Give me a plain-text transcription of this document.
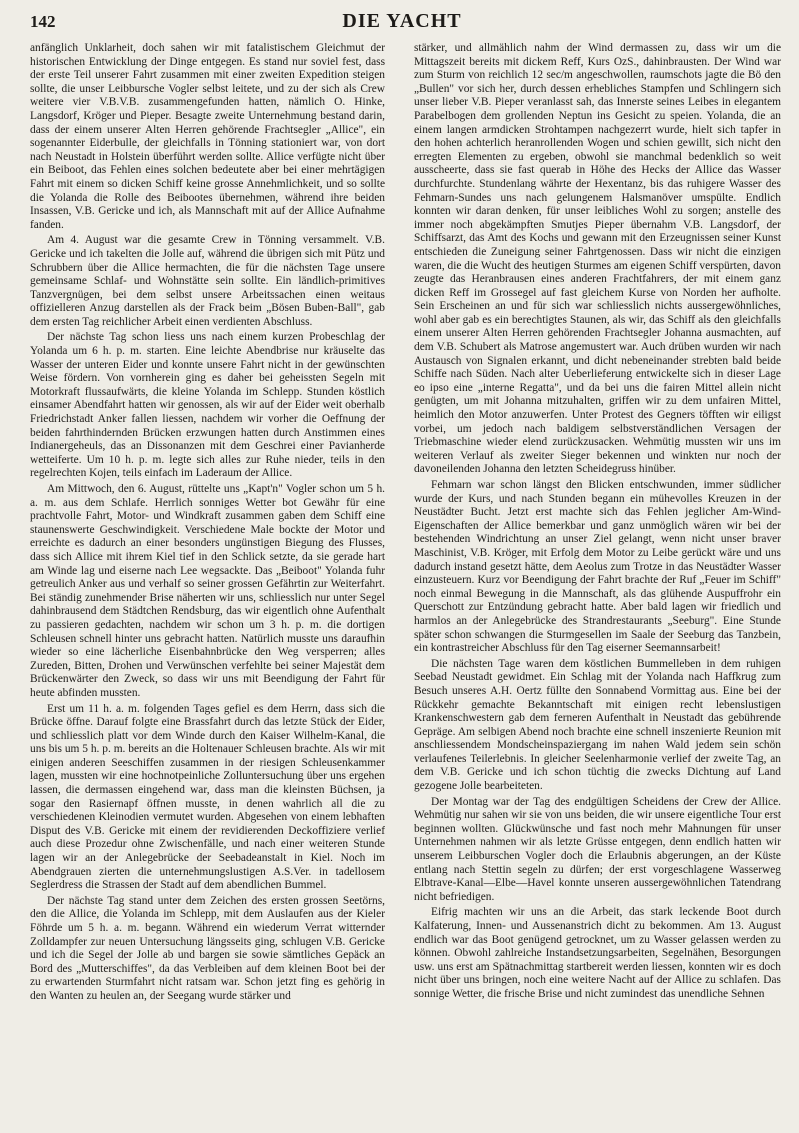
142	DIE YACHT

anfänglich Unklarheit, doch sahen wir mit fatalistischem Gleichmut der historischen Entwicklung der Dinge entgegen. Es stand nur soviel fest, dass der erste Teil unserer Fahrt zusammen mit einer zweiten Expedition steigen sollte, die unser Leibbursche Vogler selbst leitete, und zu der sich als Crew weitere vier V.B.V.B. zusammengefunden hatten, nämlich O. Hinke, Langsdorf, Kröger und Pieper. Besagte zweite Unternehmung bestand darin, dass der einem unserer Alten Herren gehörende Frachtsegler „Allice", ein sogenannter Eiderbulle, der gleichfalls in Tönning stationiert war, von dort nach Neustadt in Holstein überführt werden sollte. Allice verfügte nicht über ein Beiboot, das Fehlen eines solchen bedeutete aber bei einer mehrtägigen Fahrt mit einem so dicken Schiff keine grosse Annehmlichkeit, und so sollte die Yolanda die Rolle des Beibootes übernehmen, während ihre beiden Insassen, V.B. Gericke und ich, als Mannschaft mit auf der Allice Aufnahme fanden.

Am 4. August war die gesamte Crew in Tönning versammelt. V.B. Gericke und ich takelten die Jolle auf, während die übrigen sich mit Pütz und Schrubbern über die Allice hermachten, die für die nächsten Tage unsere gemeinsame Schlaf- und Wohnstätte sein sollte. Ein ländlich-primitives Tanzvergnügen, bei dem selbst unsere Arbeitssachen einen weitaus offizielleren Anzug darstellen als der Frack beim „Bösen Buben-Ball", gab dem ersten Tag reichlicher Arbeit einen verdienten Abschluss.

Der nächste Tag schon liess uns nach einem kurzen Probeschlag der Yolanda um 6 h. p. m. starten. Eine leichte Abendbrise nur kräuselte das Wasser der unteren Eider und konnte unsere Fahrt nicht in der gewünschten Weise fördern. Von vornherein ging es daher bei geheissten Segeln mit Motorkraft flussaufwärts, die kleine Yolanda im Schlepp. Stunden köstlich einsamer Abendfahrt hatten wir genossen, als wir auf der Eider weit oberhalb Friedrichstadt Anker fallen liessen, nachdem wir vorher die Oeffnung der beiden fahrthindernden Brücken erzwungen hatten durch Anstimmen eines Indianergeheuls, das an Dissonanzen mit dem Geschrei einer Pavianherde wetteiferte. Um 10 h. p. m. legte sich alles zur Ruhe nieder, teils in den regelrechten Kojen, teils einfach im Laderaum der Allice.

Am Mittwoch, den 6. August, rüttelte uns „Kapt'n" Vogler schon um 5 h. a. m. aus dem Schlafe. Herrlich sonniges Wetter bot Gewähr für eine prachtvolle Fahrt, Motor- und Windkraft zusammen gaben dem Schiff eine staunenswerte Geschwindigkeit. Verschiedene Male bockte der Motor und erreichte es dadurch an einer besonders ungünstigen Biegung des Flusses, dass sich Allice mit ihrem Kiel tief in den Schlick setzte, da sie gerade hart am Winde lag und eiserne nach Lee wegsackte. Das „Beiboot" Yolanda fuhr getreulich Anker aus und verhalf so seiner grossen Gefährtin zur Weiterfahrt. Bei ständig zunehmender Brise näherten wir uns, schliesslich nur unter Segel dahinbrausend dem Städtchen Rendsburg, das wir eigentlich ohne Aufenthalt zu passieren gedachten, nachdem wir schon um 3 h. p. m. die dortigen Schleusen schnell hinter uns gebracht hatten. Natürlich musste uns daraufhin wieder so eine lächerliche Eisenbahnbrücke den Weg versperren; alles Zureden, Bitten, Drohen und Verwünschen verfehlte bei seiner Majestät dem Brückenwärter den Zweck, so dass wir uns mit Beendigung der Fahrt für heute abfinden mussten.

Erst um 11 h. a. m. folgenden Tages gefiel es dem Herrn, dass sich die Brücke öffne. Darauf folgte eine Brassfahrt durch das letzte Stück der Eider, und schliesslich platt vor dem Winde durch den Kaiser Wilhelm-Kanal, die uns bis um 5 h. p. m. bereits an die Holtenauer Schleusen brachte. Als wir mit einigen anderen Seeschiffen zusammen in der riesigen Schleusenkammer lagen, mussten wir eine hochnotpeinliche Zolluntersuchung über uns ergehen lassen, die dermassen eingehend war, dass man die kleinsten Büchsen, ja sogar den Rasiernapf öffnen musste, in denen wahrlich all die zu verschiedenen Kleinodien vermutet wurden. Abgesehen von einem lebhaften Disput des V.B. Gericke mit einem der revidierenden Deckoffiziere verlief auch diese Prozedur ohne Zwischenfälle, und nach einer weiteren Stunde lagen wir an der Anlegebrücke der Seebadeanstalt in Kiel. Noch im Abendgrauen zierten die unternehmungslustigen A.S.Ver. in tadellosem Seglerdress die Strassen der Stadt auf dem abendlichen Bummel.

Der nächste Tag stand unter dem Zeichen des ersten grossen Seetörns, den die Allice, die Yolanda im Schlepp, mit dem Auslaufen aus der Kieler Föhrde um 5 h. a. m. begann. Während ein wiederum Verrat witternder Zolldampfer zur neuen Untersuchung längsseits ging, schlugen V.B. Gericke und ich die Segel der Jolle ab und bargen sie sowie sämtliches Gepäck an Bord des „Mutterschiffes", da das Verbleiben auf dem kleinen Boot bei der zu erwartenden Sturmfahrt nicht ratsam war. Schon jetzt fing es gehörig in den Wanten zu heulen an, der Seegang wurde stärker und

stärker, und allmählich nahm der Wind dermassen zu, dass wir um die Mittagszeit bereits mit dickem Reff, Kurs OzS., dahinbrausten. Der Wind war zum Sturm von reichlich 12 sec/m angeschwollen, raumschots jagte die Bö den „Bullen" vor sich her, durch dessen erhebliches Stampfen und Schlingern sich unser lieber V.B. Pieper veranlasst sah, das Innerste seines Leibes in elegantem Parabelbogen dem grollenden Neptun ins Gesicht zu speien. Yolanda, die an einem langen armdicken Strohtampen nachgezerrt wurde, hielt sich tapfer in den hohen achterlich heranrollenden Wogen und schien gewillt, sich nicht den erregten Elementen zu ergeben, obwohl sie manchmal bedenklich so weit ausscheerte, dass sie fast querab in Höhe des Hecks der Allice das Wasser durchfurchte. Stundenlang währte der Hexentanz, bis das ruhigere Wasser des Fehmarn-Sundes uns nach gelungenem Halsmanöver umspülte. Endlich konnten wir daran denken, für unser leibliches Wohl zu sorgen; anstelle des immer noch abgekämpften Smutjes Pieper übernahm V.B. Langsdorf, der Schiffsarzt, das Amt des Kochs und gewann mit den Erzeugnissen seiner Kunst entschieden die Zuneigung seiner Fahrtgenossen. Dass wir nicht die einzigen waren, die die Wucht des heutigen Sturmes am eigenen Schiff verspürten, davon zeugte das Heranbrausen eines anderen Frachtfahrers, der mit einem ganz dicken Reff im Grossegel auf fast gleichem Kurse von Norden her aufholte. Sein Erscheinen an und für sich war schliesslich nichts aussergewöhnliches, wohl aber gab es ein berechtigtes Staunen, als wir, das Schiff als den gleichfalls einem unserer Alten Herren gehörenden Frachtsegler Johanna ausmachten, auf dem V.B. Schubert als Matrose angemustert war. Auch drüben wurden wir nach Austausch von Signalen erkannt, und dicht nebeneinander strebten bald beide Schiffe nach Süden. Nach alter Ueberlieferung entwickelte sich in dieser Lage eo ipso eine „interne Regatta", und da bei uns die fairen Mittel allein nicht genügten, um mit Johanna mitzuhalten, griffen wir zu dem unfairen Mittel, heimlich den Motor anzuwerfen. Unter Protest des Gegners töfften wir eiligst vorbei, um jedoch nach baldigem selbstverständlichen Versagen der Triebmaschine wieder elend zurückzusacken. Wehmütig mussten wir uns im weiteren Verlauf als zweiter Sieger bekennen und winkten nur noch der davoneilenden Johanna den letzten Scheidegruss hinüber.

Fehmarn war schon längst den Blicken entschwunden, immer südlicher wurde der Kurs, und nach Stunden begann ein mühevolles Kreuzen in der Neustädter Bucht. Jetzt erst machte sich das Fehlen jeglicher Am-Wind-Eigenschaften der Allice bemerkbar und ganz unmöglich wären wir bei der bestehenden Windrichtung an unser Ziel gelangt, wenn nicht unser braver Maschinist, V.B. Kröger, mit Erfolg dem Motor zu Leibe gerückt wäre und uns dadurch instand gesetzt hätte, dem Aeolus zum Trotze in das Neustädter Wasser einzusteuern. Kurz vor Beendigung der Fahrt brachte der Ruf „Feuer im Schiff" noch einmal Bewegung in die Mannschaft, als das glühende Auspuffrohr ein Querschott zur Entzündung gebracht hatte. Aber bald lagen wir friedlich und harmlos an der Anlegebrücke des Strandrestaurants „Seeburg". Eine Stunde später schon schwangen die Sturmgesellen im Saale der Seeburg das Tanzbein, ein kontrastreicher Abschluss für den Tag eiserner Seemannsarbeit!

Die nächsten Tage waren dem köstlichen Bummelleben in dem ruhigen Seebad Neustadt gewidmet. Ein Schlag mit der Yolanda nach Haffkrug zum Besuch unseres A.H. Oertz füllte den Sonnabend Vormittag aus. Eine bei der Rückkehr gemachte Bekanntschaft mit einigen recht lebenslustigen Krankenschwestern gab dem ferneren Aufenthalt in Neustadt das gebührende Gepräge. Am selbigen Abend noch brachte eine schnell inszenierte Reunion mit anschliessendem Mondscheinspaziergang im nahen Wald jedem sein schön verlaufenes Teilerlebnis. In gleicher Seelenharmonie verlief der zweite Tag, an dem V.B. Gericke und ich schon tüchtig die zwecks Dichtung auf Land gezogene Jolle bearbeiteten.

Der Montag war der Tag des endgültigen Scheidens der Crew der Allice. Wehmütig nur sahen wir sie von uns beiden, die wir unsere eigentliche Tour erst beginnen wollten. Glückwünsche und fast noch mehr Mahnungen für unser Unternehmen nahmen wir als letzte Grüsse entgegen, denn endlich hatten wir unserem Leibburschen Vogler doch die Erlaubnis abgerungen, an der Küste entlang nach Stettin segeln zu dürfen; der erst vorgeschlagene Wasserweg Elbtrave-Kanal—Elbe—Havel konnte unseren aussergewöhnlichen Tatendrang nicht befriedigen.

Eifrig machten wir uns an die Arbeit, das stark leckende Boot durch Kalfaterung, Innen- und Aussenanstrich dicht zu bekommen. Am 13. August endlich war das Boot genügend getrocknet, um zu Wasser gelassen werden zu können. Obwohl zahlreiche Instandsetzungsarbeiten, Segelnähen, Besorgungen usw. uns erst am Spätnachmittag startbereit werden liessen, konnten wir es doch nicht über uns bringen, noch eine weitere Nacht auf der Allice zu schlafen. Das sonnige Wetter, die frische Brise und nicht zumindest das unendliche Sehnen
